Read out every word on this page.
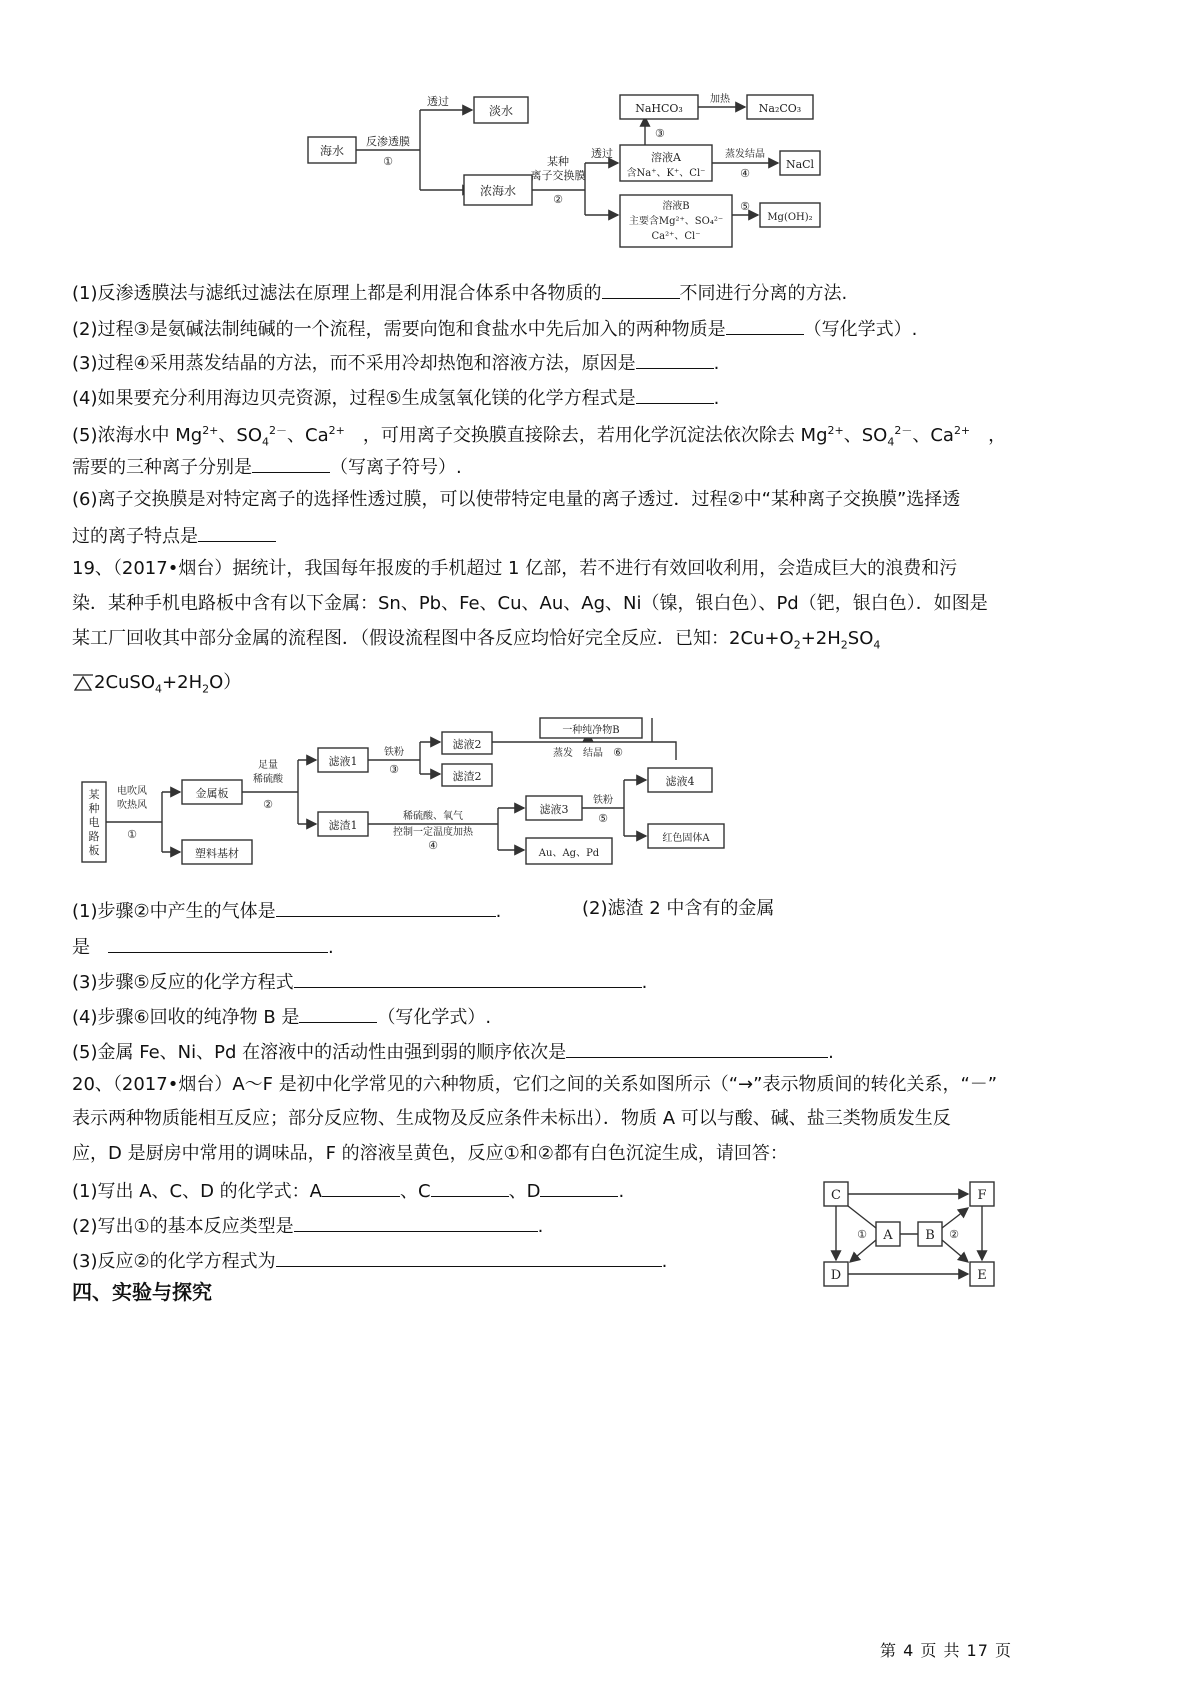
海水
反渗透膜
①
透过
淡水
浓海水
某种
离子交换膜
②
透过	溶液A
含Na⁺、K⁺、Cl⁻
③
NaHCO₃
加热
Na₂CO₃
蒸发结晶
④
NaCl
溶液B
主要含Mg²⁺、SO₄²⁻
Ca²⁺、Cl⁻
⑤
Mg(OH)₂
(1)反渗透膜法与滤纸过滤法在原理上都是利用混合体系中各物质的	不同进行分离的方法.
(2)过程③是氨碱法制纯碱的一个流程，需要向饱和食盐水中先后加入的两种物质是	（写化学式）.
(3)过程④采用蒸发结晶的方法，而不采用冷却热饱和溶液方法，原因是	.
(4)如果要充分利用海边贝壳资源，过程⑤生成氢氧化镁的化学方程式是	.
(5)浓海水中 $Mg^{2+}$、$SO_4^{2-}$、$Ca^{2+}$　，可用离子交换膜直接除去，若用化学沉淀法依次除去 $Mg^{2+}$、$SO_4^{2-}$、$Ca^{2+}$　，
需要的三种离子分别是	（写离子符号）.
(6)离子交换膜是对特定离子的选择性透过膜，可以使带特定电量的离子透过．过程②中“某种离子交换膜”选择透
过的离子特点是
19、（2017•烟台）据统计，我国每年报废的手机超过 1 亿部，若不进行有效回收利用，会造成巨大的浪费和污
染．某种手机电路板中含有以下金属：Sn、Pb、Fe、Cu、Au、Ag、Ni（镍，银白色）、Pd（钯，银白色）．如图是
某工厂回收其中部分金属的流程图．（假设流程图中各反应均恰好完全反应．已知：$2Cu+O_2+2H_2SO_4$
$2CuSO_4+2H_2O$）
某
种
电
路
板
电吹风
吹热风
①
金属板
塑料基材
足量
稀硫酸
②
滤液1
滤渣1
铁粉
③
滤液2
滤渣2
一种纯净物B
蒸发　结晶 ⑥
稀硫酸、氧气
控制一定温度加热
④
滤液3
Au、Ag、Pd
铁粉
⑤
滤液4
红色固体A
(1)步骤②中产生的气体是	.	(2)滤渣 2 中含有的金属
是　	.
(3)步骤⑤反应的化学方程式	.
(4)步骤⑥回收的纯净物 B 是	（写化学式）.
(5)金属 Fe、Ni、Pd 在溶液中的活动性由强到弱的顺序依次是	.
20、（2017•烟台）A～F 是初中化学常见的六种物质，它们之间的关系如图所示（“→”表示物质间的转化关系，“－”
表示两种物质能相互反应；部分反应物、生成物及反应条件未标出）．物质 A 可以与酸、碱、盐三类物质发生反
应，D 是厨房中常用的调味品，F 的溶液呈黄色，反应①和②都有白色沉淀生成，请回答：
(1)写出 A、C、D 的化学式：A	、C	、D	.
(2)写出①的基本反应类型是	.
(3)反应②的化学方程式为	.
C	F
D	E
A	B
①	②
四、实验与探究
第 4 页 共 17 页
